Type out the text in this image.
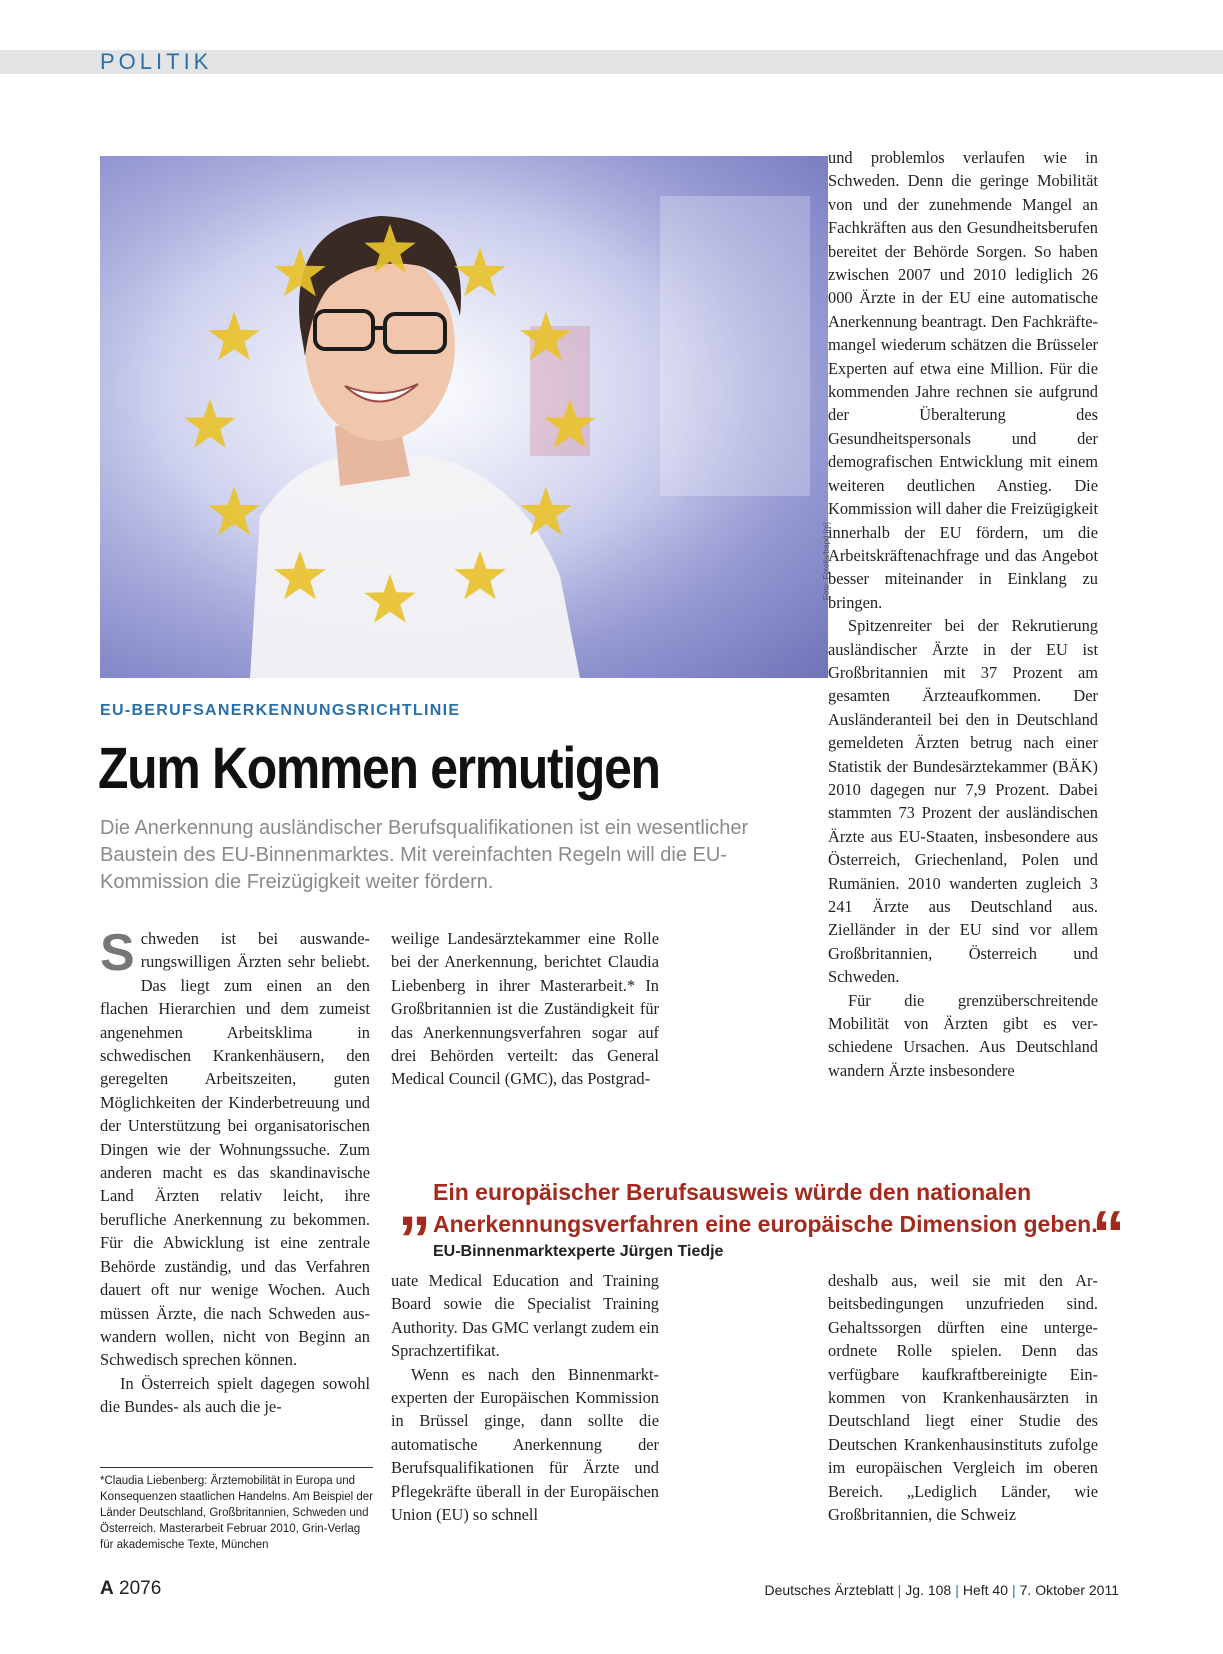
POLITIK
Foto: Fotolia/bapd [m]
EU-BERUFSANERKENNUNGSRICHTLINIE
Zum Kommen ermutigen
Die Anerkennung ausländischer Berufsqualifikationen ist ein wesentlicher Baustein des EU-Binnenmarktes. Mit vereinfachten Regeln will die EU-Kommission die Freizügigkeit weiter fördern.

Schweden ist bei auswanderungswilligen Ärzten sehr beliebt. Das liegt zum einen an den flachen Hierarchien und dem zumeist angenehmen Arbeitsklima in schwedischen Krankenhäusern, den geregelten Arbeitszeiten, guten Möglichkeiten der Kinderbetreuung und der Unterstützung bei organisatorischen Dingen wie der Wohnungssuche. Zum anderen macht es das skandinavische Land Ärzten relativ leicht, ihre berufliche Anerkennung zu bekommen. Für die Abwicklung ist eine zentrale Behörde zuständig, und das Verfahren dauert oft nur wenige Wochen. Auch müssen Ärzte, die nach Schweden auswandern wollen, nicht von Beginn an Schwedisch sprechen können.

In Österreich spielt dagegen sowohl die Bundes- als auch die je-

*Claudia Liebenberg: Ärztemobilität in Europa und Konsequenzen staatlichen Handelns. Am Beispiel der Länder Deutschland, Großbritannien, Schweden und Österreich. Masterarbeit Februar 2010, Grin-Verlag für akademische Texte, München

weilige Landesärztekammer eine Rolle bei der Anerkennung, berichtet Claudia Liebenberg in ihrer Masterarbeit.* In Großbritannien ist die Zuständigkeit für das Anerkennungsverfahren sogar auf drei Behörden verteilt: das General Medical Council (GMC), das Postgrad-

und problemlos verlaufen wie in Schweden. Denn die geringe Mobilität von und der zunehmende Mangel an Fachkräften aus den Gesundheitsberufen bereitet der Behörde Sorgen. So haben zwischen 2007 und 2010 lediglich 26 000 Ärzte in der EU eine automatische Anerkennung beantragt. Den Fachkräftemangel wiederum schätzen die Brüsseler Experten auf etwa eine Million. Für die kommenden Jahre rechnen sie aufgrund der Überalterung des Gesundheitspersonals und der demografischen Entwicklung mit einem weiteren deutlichen Anstieg. Die Kommission will daher die Freizügigkeit innerhalb der EU fördern, um die Arbeitskräftenachfrage und das Angebot besser miteinander in Einklang zu bringen.

Spitzenreiter bei der Rekrutierung ausländischer Ärzte in der EU ist Großbritannien mit 37 Prozent am gesamten Ärzteaufkommen. Der Ausländeranteil bei den in Deutschland gemeldeten Ärzten betrug nach einer Statistik der Bundesärztekammer (BÄK) 2010 dagegen nur 7,9 Prozent. Dabei stammten 73 Prozent der ausländischen Ärzte aus EU-Staaten, insbesondere aus Österreich, Griechenland, Polen und Rumänien. 2010 wanderten zugleich 3 241 Ärzte aus Deutschland aus. Zielländer in der EU sind vor allem Großbritannien, Österreich und Schweden.

Für die grenzüberschreitende Mobilität von Ärzten gibt es verschiedene Ursachen. Aus Deutschland wandern Ärzte insbesondere

„ Ein europäischer Berufsausweis würde den nationalen Anerkennungsverfahren eine europäische Dimension geben.
“
EU-Binnenmarktexperte Jürgen Tiedje

uate Medical Education and Training Board sowie die Specialist Training Authority. Das GMC verlangt zudem ein Sprachzertifikat.

Wenn es nach den Binnenmarktexperten der Europäischen Kommission in Brüssel ginge, dann sollte die automatische Anerkennung der Berufsqualifikationen für Ärzte und Pflegekräfte überall in der Europäischen Union (EU) so schnell

deshalb aus, weil sie mit den Arbeitsbedingungen unzufrieden sind. Gehaltssorgen dürften eine untergeordnete Rolle spielen. Denn das verfügbare kaufkraftbereinigte Einkommen von Krankenhausärzten in Deutschland liegt einer Studie des Deutschen Krankenhausinstituts zufolge im europäischen Vergleich im oberen Bereich. „Lediglich Länder, wie Großbritannien, die Schweiz

A 2076	Deutsches Ärzteblatt | Jg. 108 | Heft 40 | 7. Oktober 2011
